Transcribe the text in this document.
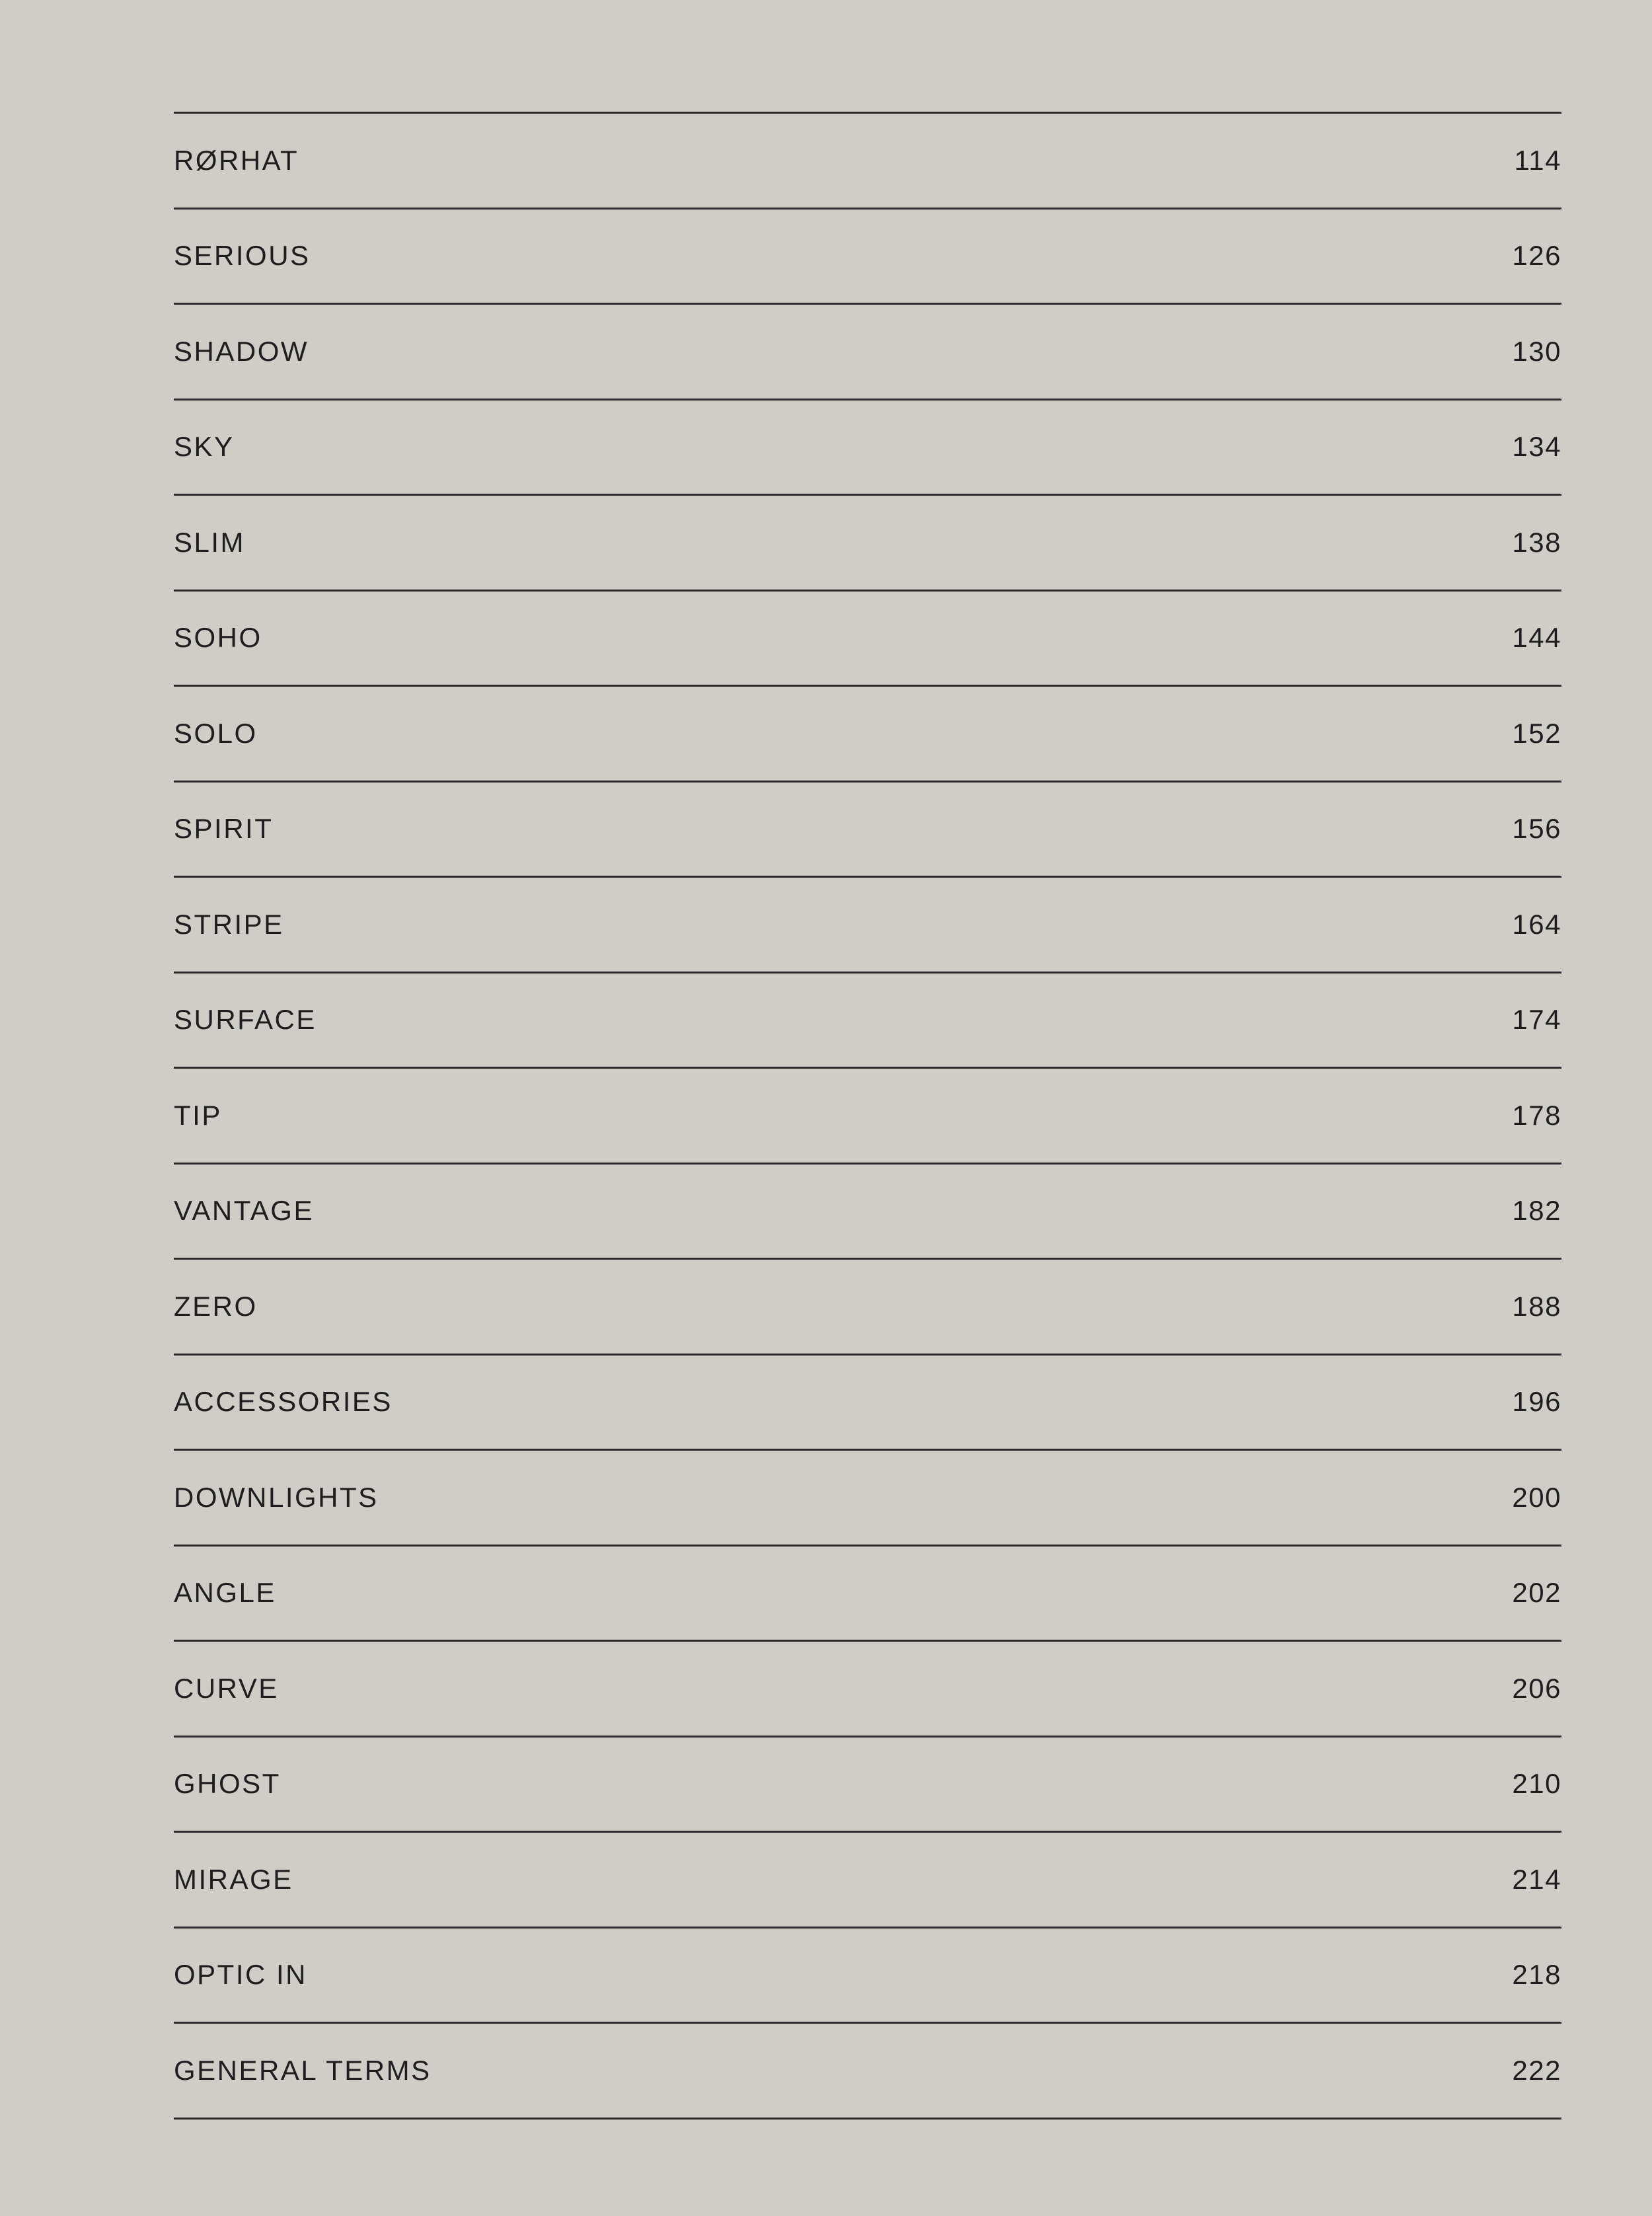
RØRHAT	114
SERIOUS	126
SHADOW	130
SKY	134
SLIM	138
SOHO	144
SOLO	152
SPIRIT	156
STRIPE	164
SURFACE	174
TIP	178
VANTAGE	182
ZERO	188
ACCESSORIES	196
DOWNLIGHTS	200
ANGLE	202
CURVE	206
GHOST	210
MIRAGE	214
OPTIC IN	218
GENERAL TERMS	222
